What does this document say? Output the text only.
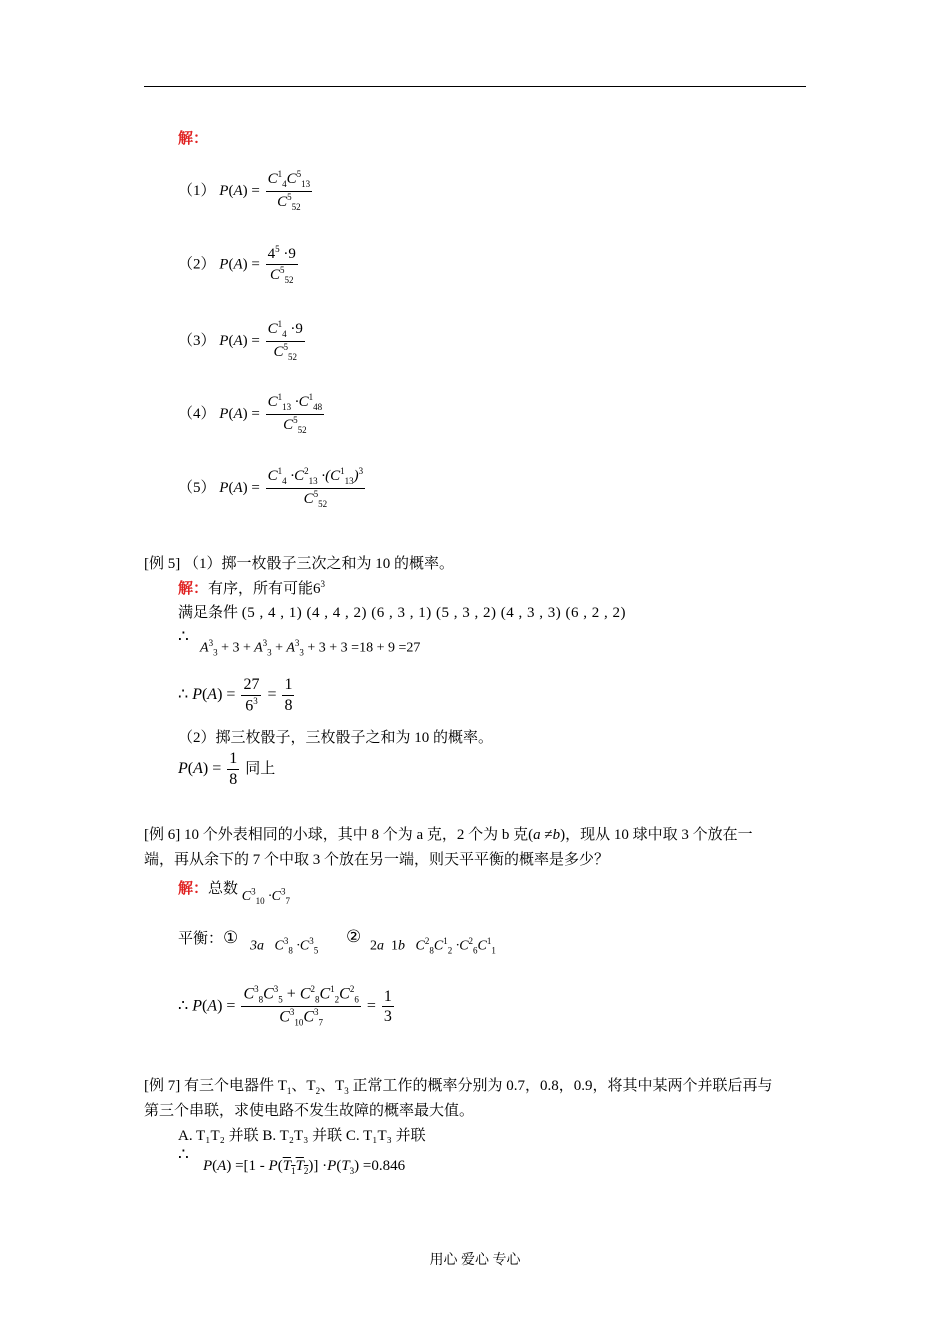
解：
（1） $P(A) = \frac{C^1_4C^5_{13}}{C^5_{52}}$
（2） $P(A) = \frac{4^5 \cdot 9}{C^5_{52}}$
（3） $P(A) = \frac{C^1_4 \cdot 9}{C^5_{52}}$
（4） $P(A) = \frac{C^1_{13} \cdot C^1_{48}}{C^5_{52}}$
（5） $P(A) = \frac{C^1_4 \cdot C^2_{13} \cdot(C^1_{13})^3}{C^5_{52}}$
[例 5] （1）掷一枚骰子三次之和为 10 的概率。
解：有序，所有可能$6^3$
满足条件 (5 , 4 , 1) (4 , 4 , 2) (6 , 3 , 1) (5 , 3 , 2) (4 , 3 , 3) (6 , 2 , 2)
∴
$A^3_3 + 3 + A^3_3 + A^3_3 + 3 + 3 =18 + 9 =27$
∴ $P(A) = \frac{27}{6^3} = \frac{1}{8}$
（2）掷三枚骰子，三枚骰子之和为 10 的概率。
$P(A) = \frac{1}{8}$ 同上
[例 6] 10 个外表相同的小球，其中 8 个为 a 克，2 个为 b 克(a ≠b)，现从 10 球中取 3 个放在一
端，再从余下的 7 个中取 3 个放在另一端，则天平平衡的概率是多少？
解：总数 $C^3_{10} \cdot C^3_7$
平衡：① 3a   $C^3_8 \cdot C^3_5$
②
2a  1b   $C^2_8C^1_2 \cdot C^2_6C^1_1$
∴ $P(A) = \frac{C^3_8C^3_5 + C^2_8C^1_2C^2_6}{C^3_{10}C^3_7} = \frac{1}{3}$
[例 7] 有三个电器件 $T_1$、$T_2$、$T_3$ 正常工作的概率分别为 0.7，0.8，0.9，将其中某两个并联后再与
第三个串联，求使电路不发生故障的概率最大值。
A. T₁T₂ 并联 B. T₂T₃ 并联 C. T₁T₃ 并联
∴
$P(A) =[1 - P(T_1T_2)] \cdot P(T_3) =0.846$
用心 爱心 专心
